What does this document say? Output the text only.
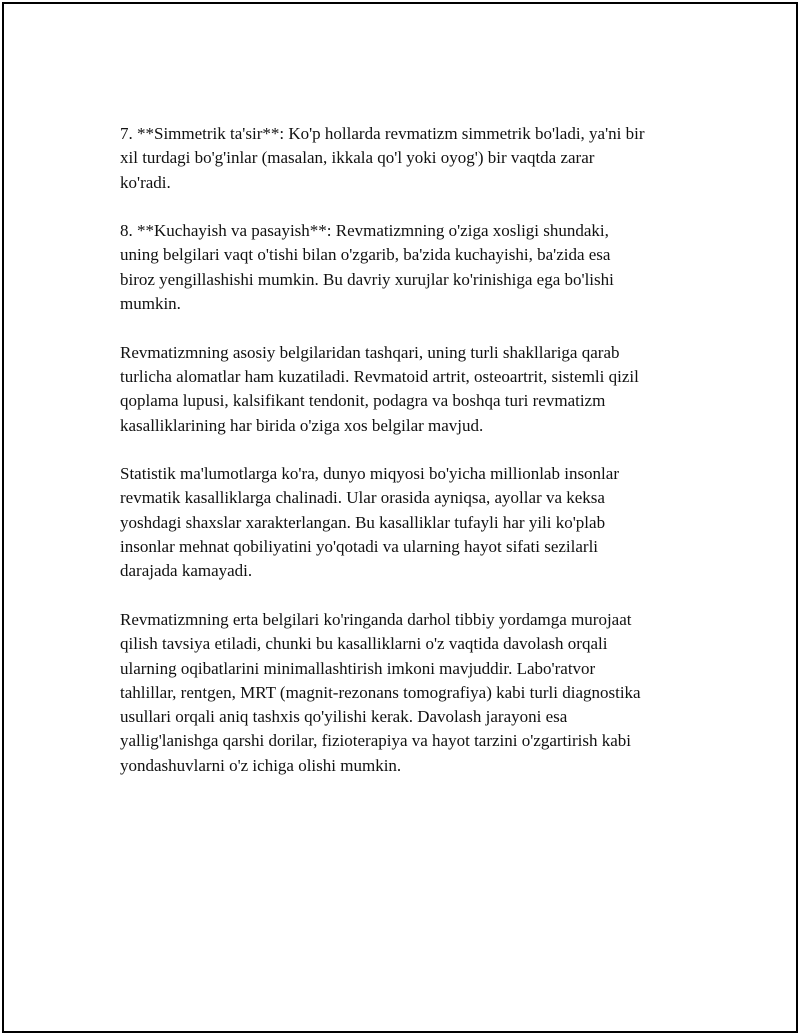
7. **Simmetrik ta'sir**: Ko'p hollarda revmatizm simmetrik bo'ladi, ya'ni bir
xil turdagi bo'g'inlar (masalan, ikkala qo'l yoki oyog') bir vaqtda zarar
ko'radi.

8. **Kuchayish va pasayish**: Revmatizmning o'ziga xosligi shundaki,
uning belgilari vaqt o'tishi bilan o'zgarib, ba'zida kuchayishi, ba'zida esa
biroz yengillashishi mumkin. Bu davriy xurujlar ko'rinishiga ega bo'lishi
mumkin.

Revmatizmning asosiy belgilaridan tashqari, uning turli shakllariga qarab
turlicha alomatlar ham kuzatiladi. Revmatoid artrit, osteoartrit, sistemli qizil
qoplama lupusi, kalsifikant tendonit, podagra va boshqa turi revmatizm
kasalliklarining har birida o'ziga xos belgilar mavjud.

Statistik ma'lumotlarga ko'ra, dunyo miqyosi bo'yicha millionlab insonlar
revmatik kasalliklarga chalinadi. Ular orasida ayniqsa, ayollar va keksa
yoshdagi shaxslar xarakterlangan. Bu kasalliklar tufayli har yili ko'plab
insonlar mehnat qobiliyatini yo'qotadi va ularning hayot sifati sezilarli
darajada kamayadi.

Revmatizmning erta belgilari ko'ringanda darhol tibbiy yordamga murojaat
qilish tavsiya etiladi, chunki bu kasalliklarni o'z vaqtida davolash orqali
ularning oqibatlarini minimallashtirish imkoni mavjuddir. Labo'ratvor
tahlillar, rentgen, MRT (magnit-rezonans tomografiya) kabi turli diagnostika
usullari orqali aniq tashxis qo'yilishi kerak. Davolash jarayoni esa
yallig'lanishga qarshi dorilar, fizioterapiya va hayot tarzini o'zgartirish kabi
yondashuvlarni o'z ichiga olishi mumkin.
